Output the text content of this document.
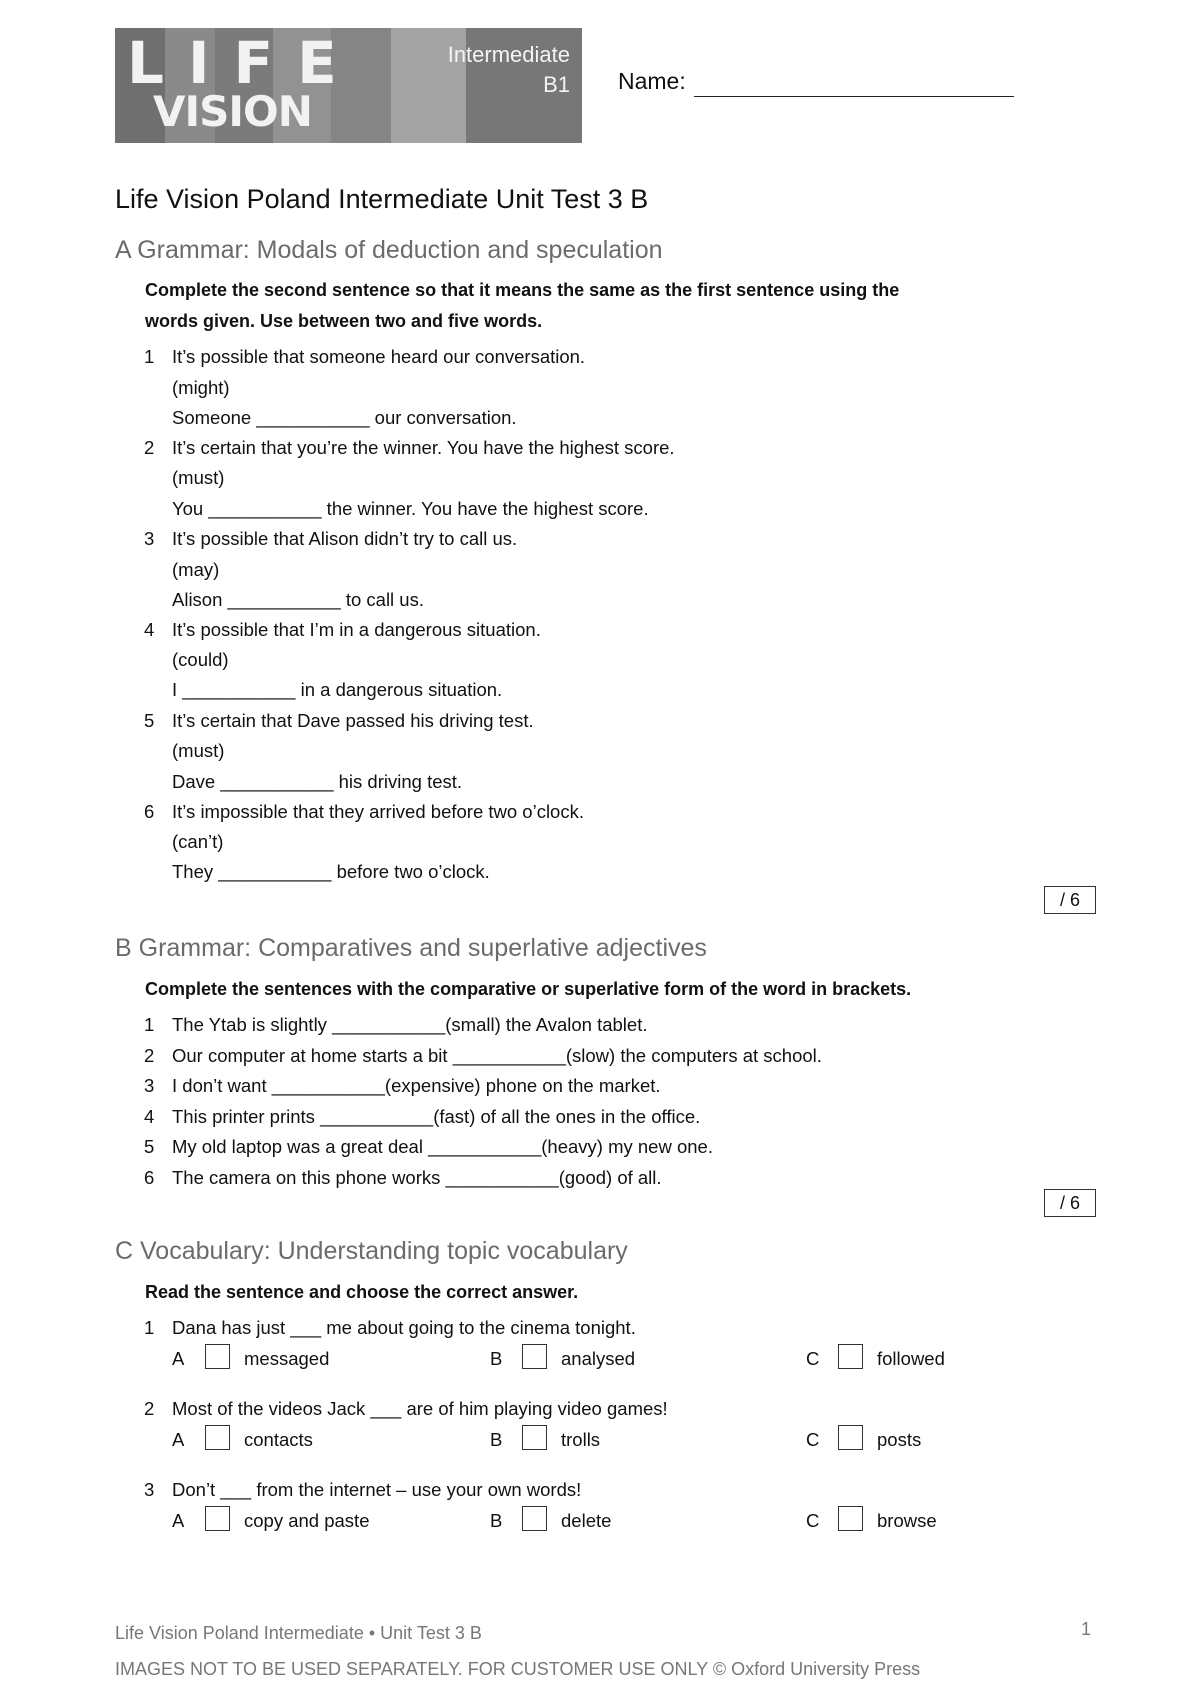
LIFE
VISION
Intermediate
B1 Name:
Life Vision Poland Intermediate Unit Test 3 B
A Grammar: Modals of deduction and speculation

Complete the second sentence so that it means the same as the first sentence using the
words given. Use between two and five words.

1 It’s possible that someone heard our conversation.
(might)
Someone ___________ our conversation.
2 It’s certain that you’re the winner. You have the highest score.
(must)
You ___________ the winner. You have the highest score.
3 It’s possible that Alison didn’t try to call us.
(may)
Alison ___________ to call us.
4 It’s possible that I’m in a dangerous situation.
(could)
I ___________ in a dangerous situation.
5 It’s certain that Dave passed his driving test.
(must)
Dave ___________ his driving test.
6 It’s impossible that they arrived before two o’clock.
(can’t)
They ___________ before two o’clock.
/ 6
B Grammar: Comparatives and superlative adjectives

Complete the sentences with the comparative or superlative form of the word in brackets.

1 The Ytab is slightly ___________(small) the Avalon tablet.
2 Our computer at home starts a bit ___________(slow) the computers at school.
3 I don’t want ___________(expensive) phone on the market.
4 This printer prints ___________(fast) of all the ones in the office.
5 My old laptop was a great deal ___________(heavy) my new one.
6 The camera on this phone works ___________(good) of all.
/ 6
C Vocabulary: Understanding topic vocabulary

Read the sentence and choose the correct answer.

1 Dana has just ___ me about going to the cinema tonight.
A	messaged	B	analysed	C	followed
2 Most of the videos Jack ___ are of him playing video games!
A	contacts	B	trolls	C	posts
3 Don’t ___ from the internet – use your own words!
A	copy and paste	B	delete	C	browse
Life Vision Poland Intermediate • Unit Test 3 B	1
IMAGES NOT TO BE USED SEPARATELY. FOR CUSTOMER USE ONLY © Oxford University Press
